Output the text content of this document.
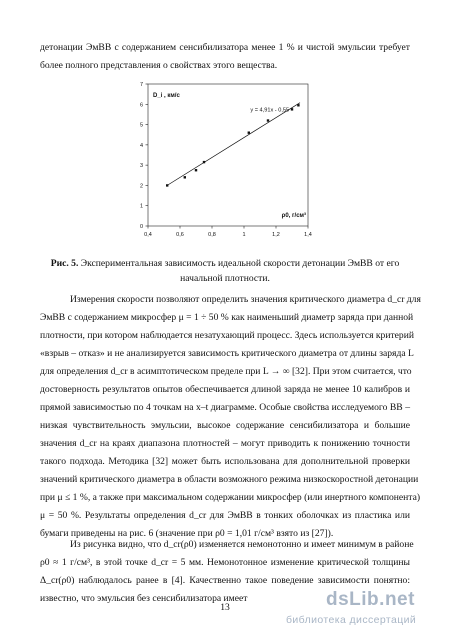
детонации ЭмВВ с содержанием сенсибилизатора менее 1 % и чистой эмульсии требует
более полного представления о свойствах этого вещества.
0
1
2
3
4
5
6
7
0,4	0,6	0,8	1	1,2	1,4
D_i , км/с
ρ0, г/см³
y = 4,91x - 0,55
Рис. 5. Экспериментальная зависимость идеальной скорости детонации ЭмВВ от его
начальной плотности.
Измерения скорости позволяют определить значения критического диаметра d_cr для
ЭмВВ с содержанием микросфер μ = 1 ÷ 50 % как наименьший диаметр заряда при данной
плотности, при котором наблюдается незатухающий процесс. Здесь используется критерий
«взрыв – отказ» и не анализируется зависимость критического диаметра от длины заряда L
для определения d_cr в асимптотическом пределе при L → ∞ [32]. При этом считается, что
достоверность результатов опытов обеспечивается длиной заряда не менее 10 калибров и
прямой зависимостью по 4 точкам на x–t диаграмме. Особые свойства исследуемого ВВ –
низкая чувствительность эмульсии, высокое содержание сенсибилизатора и большие
значения d_cr на краях диапазона плотностей – могут приводить к понижению точности
такого подхода. Методика [32] может быть использована для дополнительной проверки
значений критического диаметра в области возможного режима низкоскоростной детонации
при μ ≤ 1 %, а также при максимальном содержании микросфер (или инертного компонента)
μ = 50 %. Результаты определения d_cr для ЭмВВ в тонких оболочках из пластика или
бумаги приведены на рис. 6 (значение при ρ0 = 1,01 г/см³ взято из [27]).
Из рисунка видно, что d_cr(ρ0) изменяется немонотонно и имеет минимум в районе
ρ0 ≈ 1 г/см³, в этой точке d_cr = 5 мм. Немонотонное изменение критической толщины
Δ_cr(ρ0) наблюдалось ранее в [4]. Качественно такое поведение зависимости понятно:
известно, что эмульсия без сенсибилизатора имеет
13	dsLib.net
библиотека диссертаций
